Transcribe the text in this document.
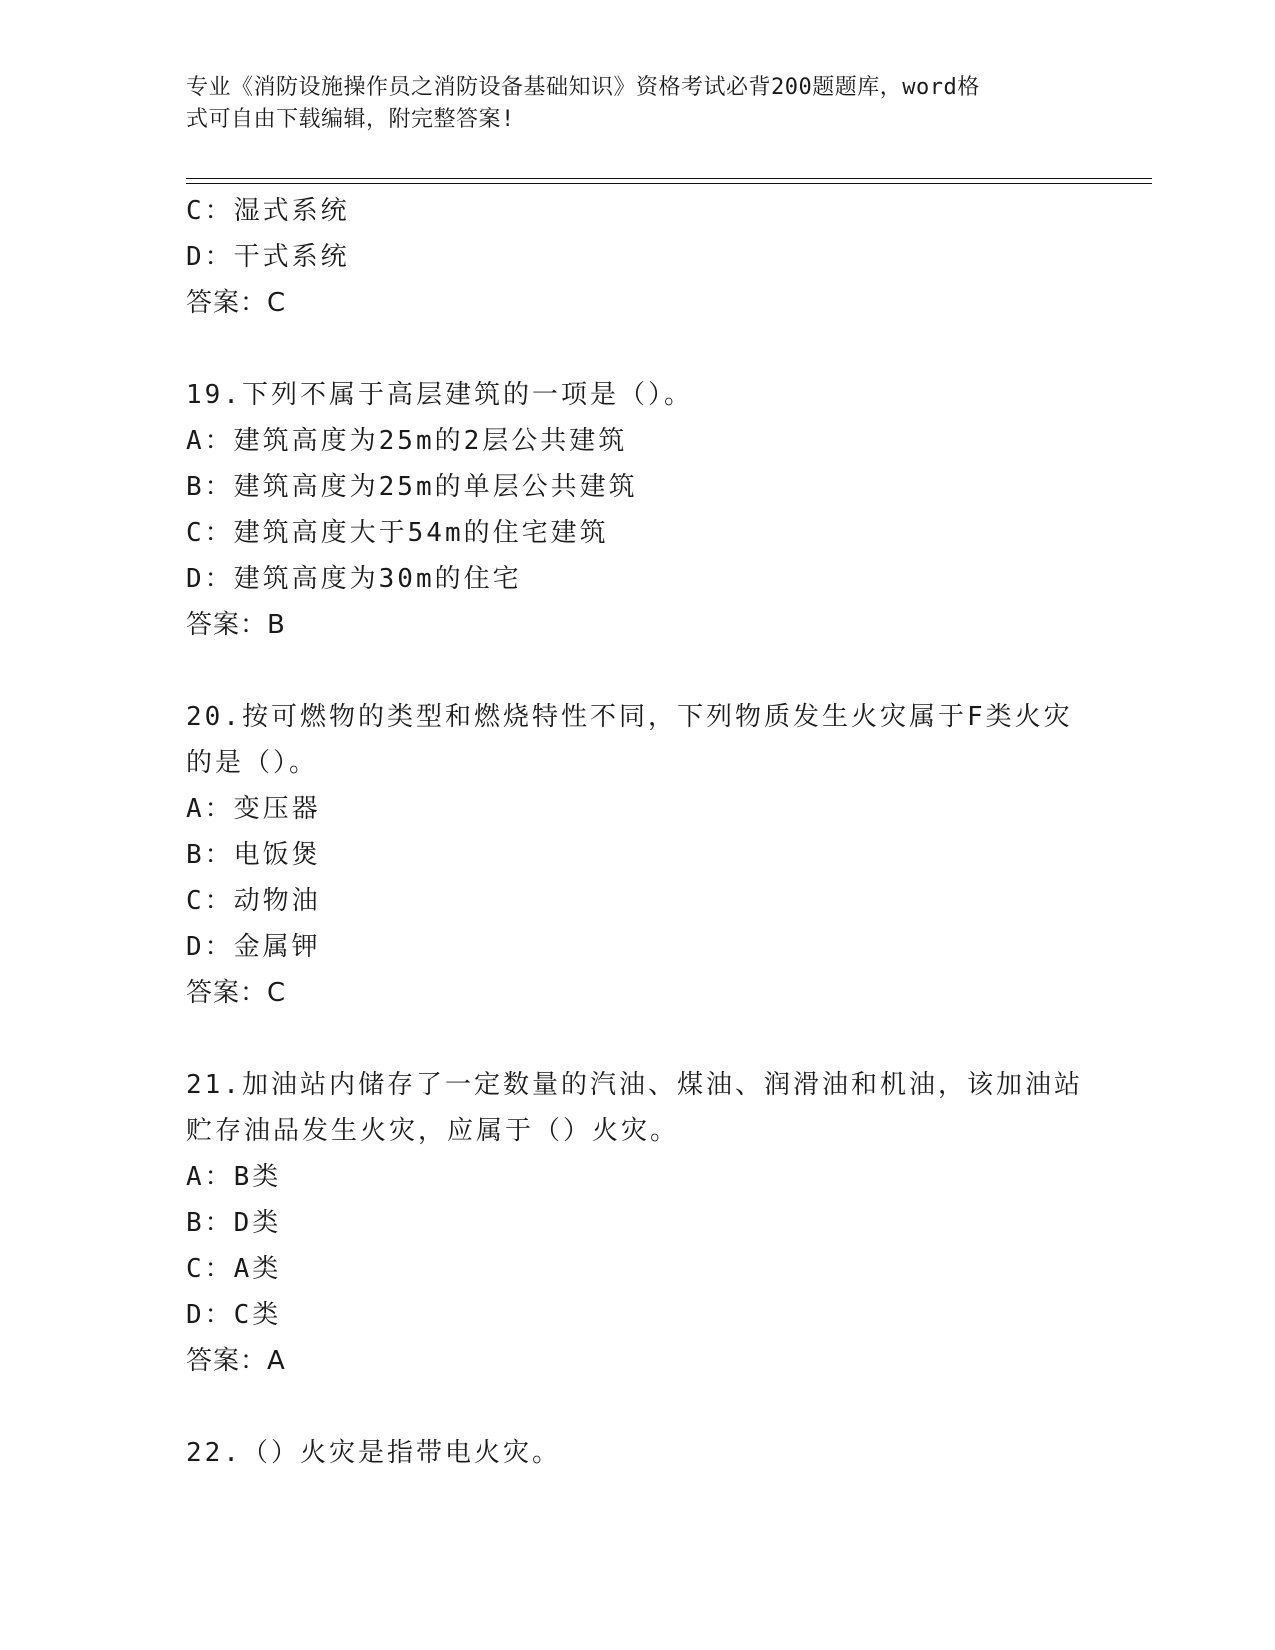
专业《消防设施操作员之消防设备基础知识》资格考试必背200题题库，word格
式可自由下载编辑，附完整答案!
C：湿式系统
D：干式系统
答案：C
19.下列不属于高层建筑的一项是（）。
A：建筑高度为25m的2层公共建筑
B：建筑高度为25m的单层公共建筑
C：建筑高度大于54m的住宅建筑
D：建筑高度为30m的住宅
答案：B
20.按可燃物的类型和燃烧特性不同，下列物质发生火灾属于F类火灾
的是（）。
A：变压器
B：电饭煲
C：动物油
D：金属钾
答案：C
21.加油站内储存了一定数量的汽油、煤油、润滑油和机油，该加油站
贮存油品发生火灾，应属于（）火灾。
A：B类
B：D类
C：A类
D：C类
答案：A
22.（）火灾是指带电火灾。
